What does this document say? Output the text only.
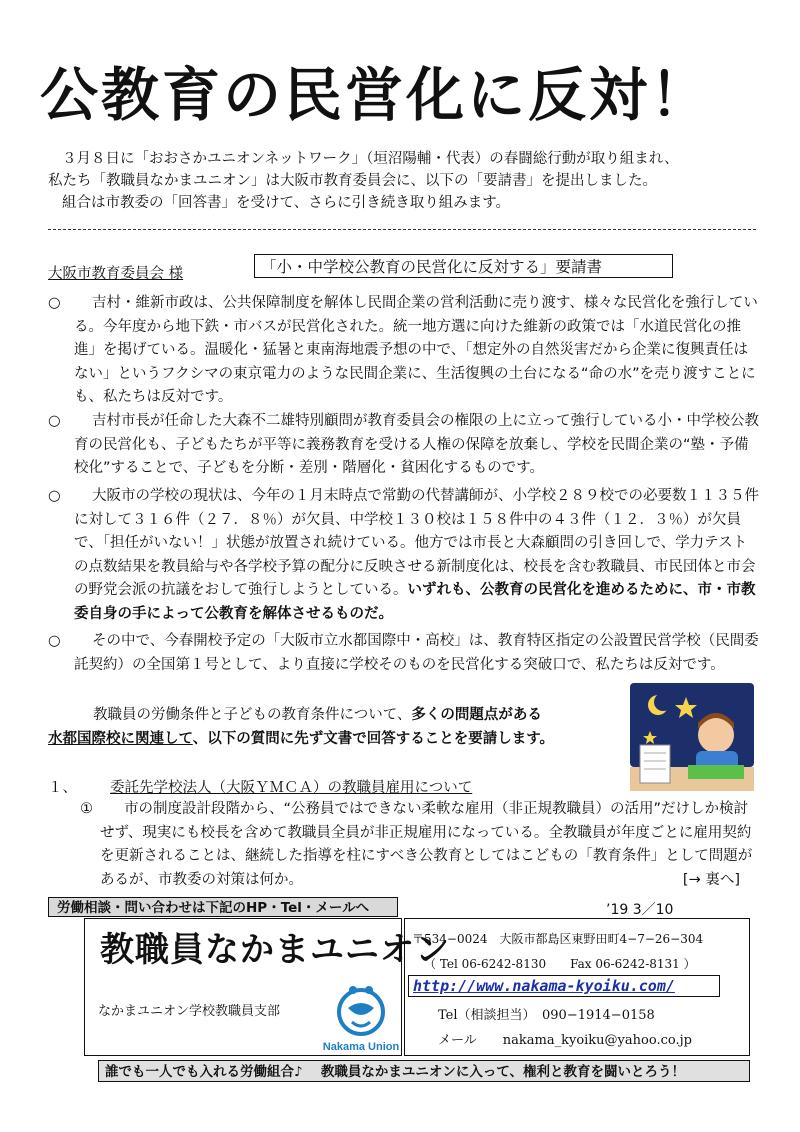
公教育の民営化に反対！

３月８日に「おおさかユニオンネットワーク」（垣沼陽輔・代表）の春闘総行動が取り組まれ、

私たち「教職員なかまユニオン」は大阪市教育委員会に、以下の「要請書」を提出しました。

組合は市教委の「回答書」を受けて、さらに引き続き取り組みます。

大阪市教育委員会 様	「小・中学校公教育の民営化に反対する」要請書
○	吉村・維新市政は、公共保障制度を解体し民間企業の営利活動に売り渡す、様々な民営化を強行している。今年度から地下鉄・市バスが民営化された。統一地方選に向けた維新の政策では「水道民営化の推進」を掲げている。温暖化・猛暑と東南海地震予想の中で、「想定外の自然災害だから企業に復興責任はない」というフクシマの東京電力のような民間企業に、生活復興の土台になる“命の水”を売り渡すことにも、私たちは反対です。
○	吉村市長が任命した大森不二雄特別顧問が教育委員会の権限の上に立って強行している小・中学校公教育の民営化も、子どもたちが平等に義務教育を受ける人権の保障を放棄し、学校を民間企業の“塾・予備校化”することで、子どもを分断・差別・階層化・貧困化するものです。
○	大阪市の学校の現状は、今年の１月末時点で常勤の代替講師が、小学校２８９校での必要数１１３５件に対して３１６件（２７．８％）が欠員、中学校１３０校は１５８件中の４３件（１２．３％）が欠員で、「担任がいない！」状態が放置され続けている。他方では市長と大森顧問の引き回しで、学力テストの点数結果を教員給与や各学校予算の配分に反映させる新制度化は、校長を含む教職員、市民団体と市会の野党会派の抗議をおして強行しようとしている。いずれも、公教育の民営化を進めるために、市・市教委自身の手によって公教育を解体させるものだ。
○	その中で、今春開校予定の「大阪市立水都国際中・高校」は、教育特区指定の公設置民営学校（民間委託契約）の全国第１号として、より直接に学校そのものを民営化する突破口で、私たちは反対です。
教職員の労働条件と子どもの教育条件について、多くの問題点がある
水都国際校に関連して、以下の質問に先ず文書で回答することを要請します。
１、 委託先学校法人（大阪ＹＭＣＡ）の教職員雇用について
①	市の制度設計段階から、“公務員ではできない柔軟な雇用（非正規教職員）の活用”だけしか検討せず、現実にも校長を含めて教職員全員が非正規雇用になっている。全教職員が年度ごとに雇用契約を更新されることは、継続した指導を柱にすべき公教育としてはこどもの「教育条件」として問題があるが、市教委の対策は何か。	[→ 裏へ]
労働相談・問い合わせは下記のHP・Tel・メールへ	’19 3／10
教職員なかまユニオン
なかまユニオン学校教職員支部
Nakama Union
〒534−0024　大阪市都島区東野田町4−7−26−304
（ Tel 06-6242-8130　　Fax 06-6242-8131 ）
http://www.nakama-kyoiku.com/
Tel（相談担当）　090−1914−0158
メール　　 nakama_kyoiku@yahoo.co.jp
誰でも一人でも入れる労働組合♪　 教職員なかまユニオンに入って、権利と教育を闘いとろう！
